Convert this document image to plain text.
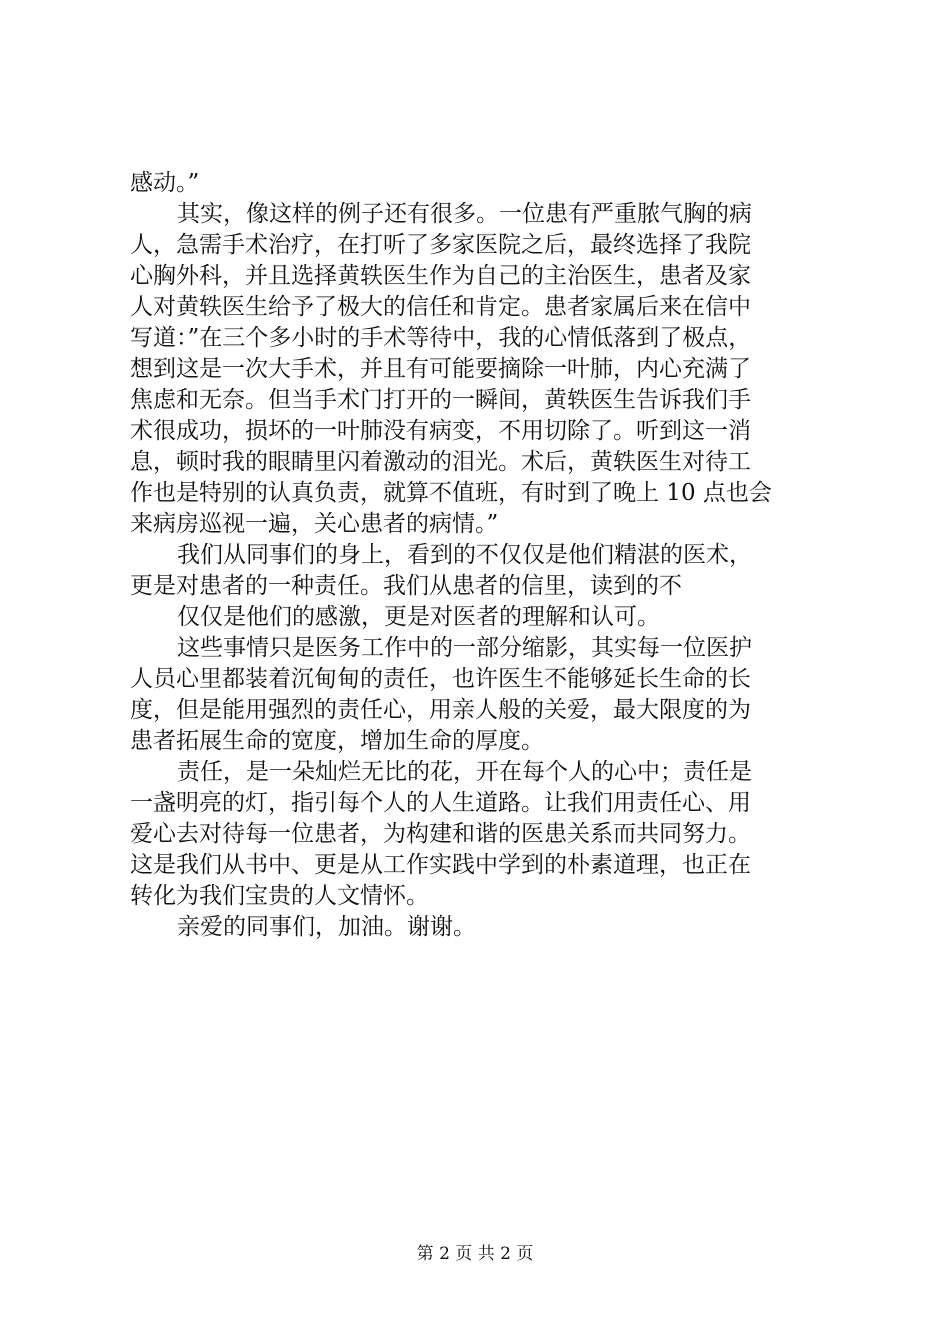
感动。”
其实，像这样的例子还有很多。一位患有严重脓气胸的病
人，急需手术治疗，在打听了多家医院之后，最终选择了我院
心胸外科，并且选择黄轶医生作为自己的主治医生，患者及家
人对黄轶医生给予了极大的信任和肯定。患者家属后来在信中
写道：”在三个多小时的手术等待中，我的心情低落到了极点，
想到这是一次大手术，并且有可能要摘除一叶肺，内心充满了
焦虑和无奈。但当手术门打开的一瞬间，黄轶医生告诉我们手
术很成功，损坏的一叶肺没有病变，不用切除了。听到这一消
息，顿时我的眼睛里闪着激动的泪光。术后，黄轶医生对待工
作也是特别的认真负责，就算不值班，有时到了晚上 10 点也会
来病房巡视一遍，关心患者的病情。”
我们从同事们的身上，看到的不仅仅是他们精湛的医术，
更是对患者的一种责任。我们从患者的信里，读到的不
仅仅是他们的感激，更是对医者的理解和认可。
这些事情只是医务工作中的一部分缩影，其实每一位医护
人员心里都装着沉甸甸的责任，也许医生不能够延长生命的长
度，但是能用强烈的责任心，用亲人般的关爱，最大限度的为
患者拓展生命的宽度，增加生命的厚度。
责任，是一朵灿烂无比的花，开在每个人的心中；责任是
一盏明亮的灯，指引每个人的人生道路。让我们用责任心、用
爱心去对待每一位患者，为构建和谐的医患关系而共同努力。
这是我们从书中、更是从工作实践中学到的朴素道理，也正在
转化为我们宝贵的人文情怀。
亲爱的同事们，加油。谢谢。
第 2 页 共 2 页
